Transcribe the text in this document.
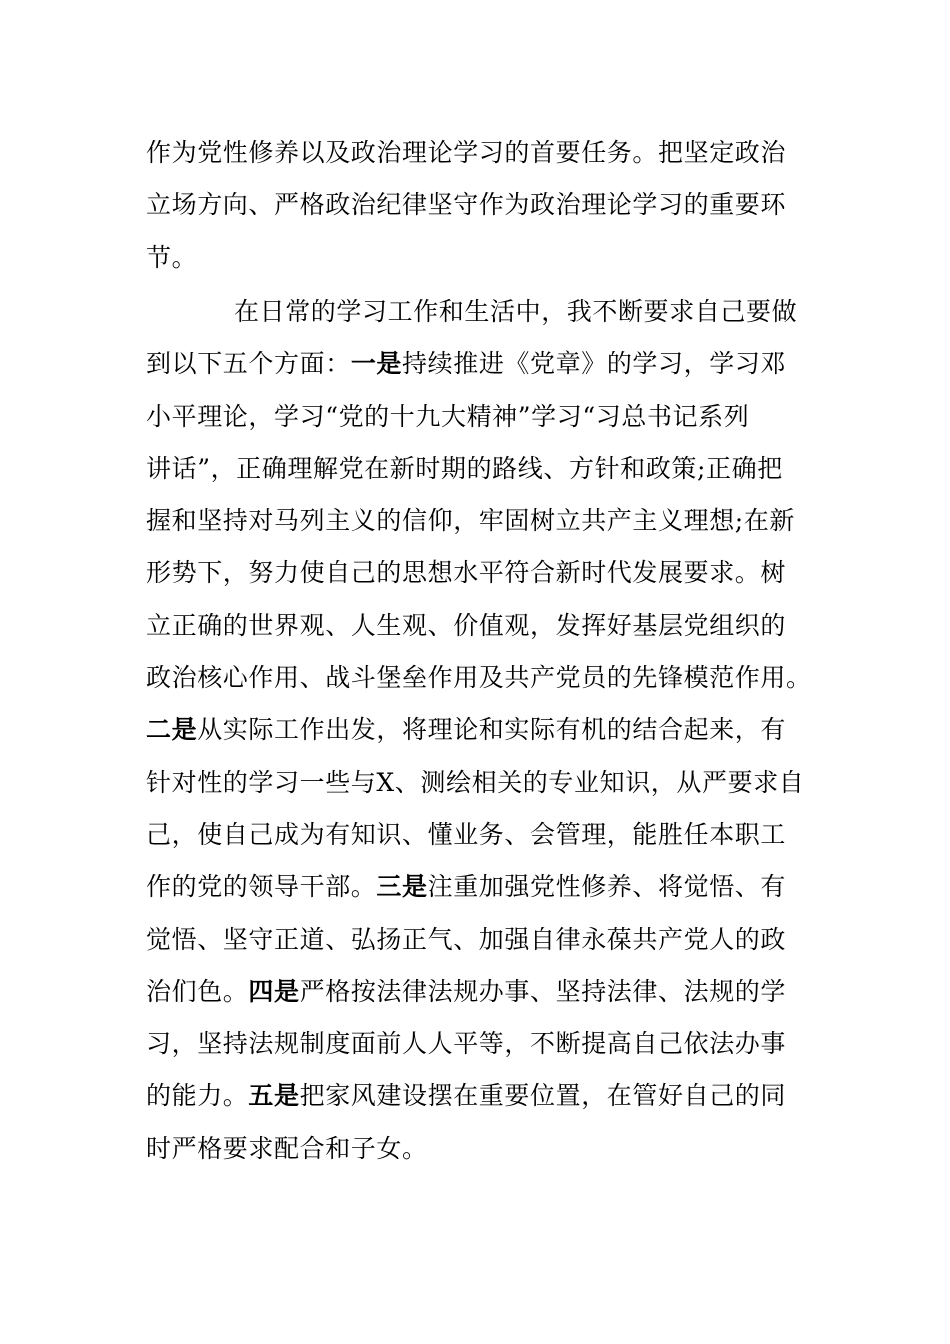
作为党性修养以及政治理论学习的首要任务。把坚定政治
立场方向、严格政治纪律坚守作为政治理论学习的重要环
节。

在日常的学习工作和生活中，我不断要求自己要做
到以下五个方面：一是持续推进《党章》的学习，学习邓
小平理论，学习“党的十九大精神”学习“习总书记系列
讲话”，正确理解党在新时期的路线、方针和政策;正确把
握和坚持对马列主义的信仰，牢固树立共产主义理想;在新
形势下，努力使自己的思想水平符合新时代发展要求。树
立正确的世界观、人生观、价值观，发挥好基层党组织的
政治核心作用、战斗堡垒作用及共产党员的先锋模范作用。
二是从实际工作出发，将理论和实际有机的结合起来，有
针对性的学习一些与X、测绘相关的专业知识，从严要求自
己，使自己成为有知识、懂业务、会管理，能胜任本职工
作的党的领导干部。三是注重加强党性修养、将觉悟、有
觉悟、坚守正道、弘扬正气、加强自律永葆共产党人的政
治们色。四是严格按法律法规办事、坚持法律、法规的学
习，坚持法规制度面前人人平等，不断提高自己依法办事
的能力。五是把家风建设摆在重要位置，在管好自己的同
时严格要求配合和子女。
